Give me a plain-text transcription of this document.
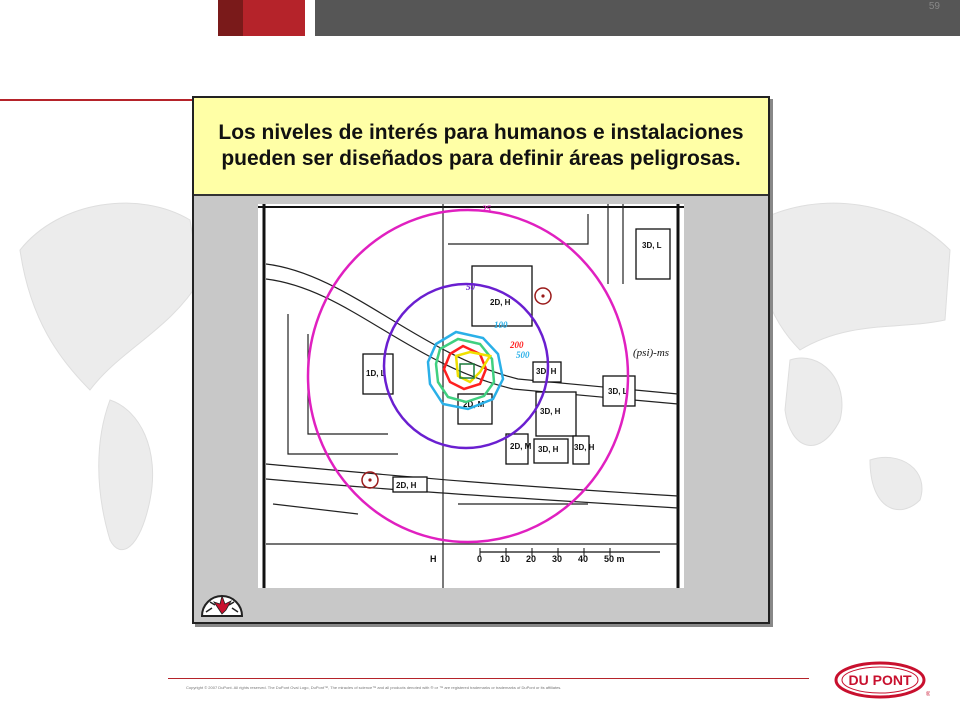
59
Los niveles de interés para humanos e instalaciones pueden ser diseñados para definir áreas peligrosas.
2D, H
3D, L
1D, L	3D, H
2D, M
3D, H
2D, M 3D, H 3D, H
2D, H
3D, L
(psi)-ms
25
50
100
200
500
H	0 10 20 30 40 50 m
Copyright © 2007 DuPont. All rights reserved. The DuPont Oval Logo, DuPont™, The miracles of science™ and all products denoted with ® or ™ are registered trademarks or trademarks of DuPont or its affiliates.	DU PONT
®
